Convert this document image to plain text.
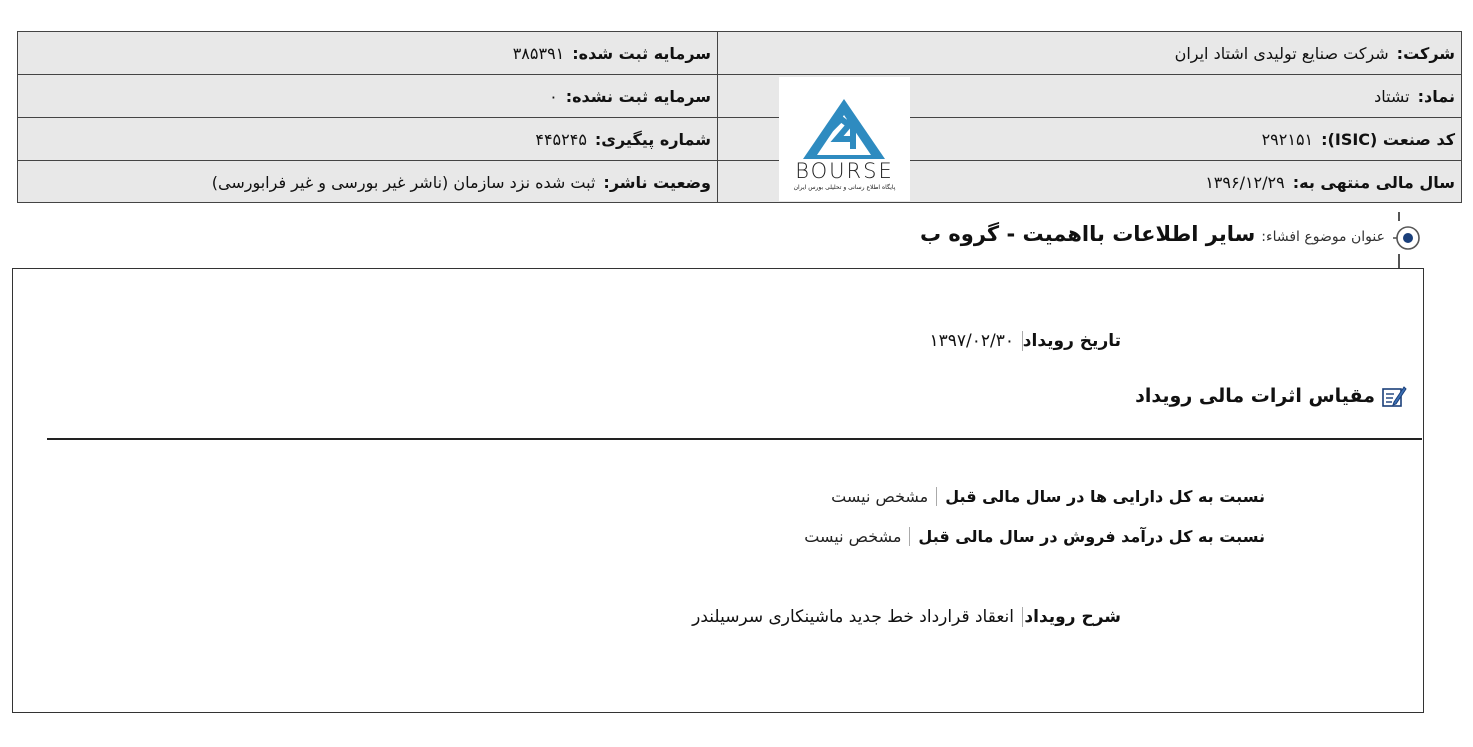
شرکت:
شرکت صنایع تولیدی اشتاد ایران
سرمایه ثبت شده:
۳۸۵۳۹۱
نماد:
تشتاد
سرمایه ثبت نشده:
۰
کد صنعت (ISIC):
۲۹۲۱۵۱
شماره پیگیری:
۴۴۵۲۴۵
سال مالی منتهی به:
۱۳۹۶/۱۲/۲۹
وضعیت ناشر:
ثبت شده نزد سازمان (ناشر غیر بورسی و غیر فرابورسی)	BOURSE
پایگاه اطلاع رسانی و تحلیلی بورس ایران
عنوان موضوع افشاء:
سایر اطلاعات بااهمیت - گروه ب
تاریخ رویداد
۱۳۹۷/۰۲/۳۰
مقیاس اثرات مالی رویداد
نسبت به کل دارایی ها در سال مالی قبل
مشخص نیست
نسبت به کل درآمد فروش در سال مالی قبل
مشخص نیست
شرح رویداد
انعقاد قرارداد خط جدید ماشینکاری سرسیلندر
